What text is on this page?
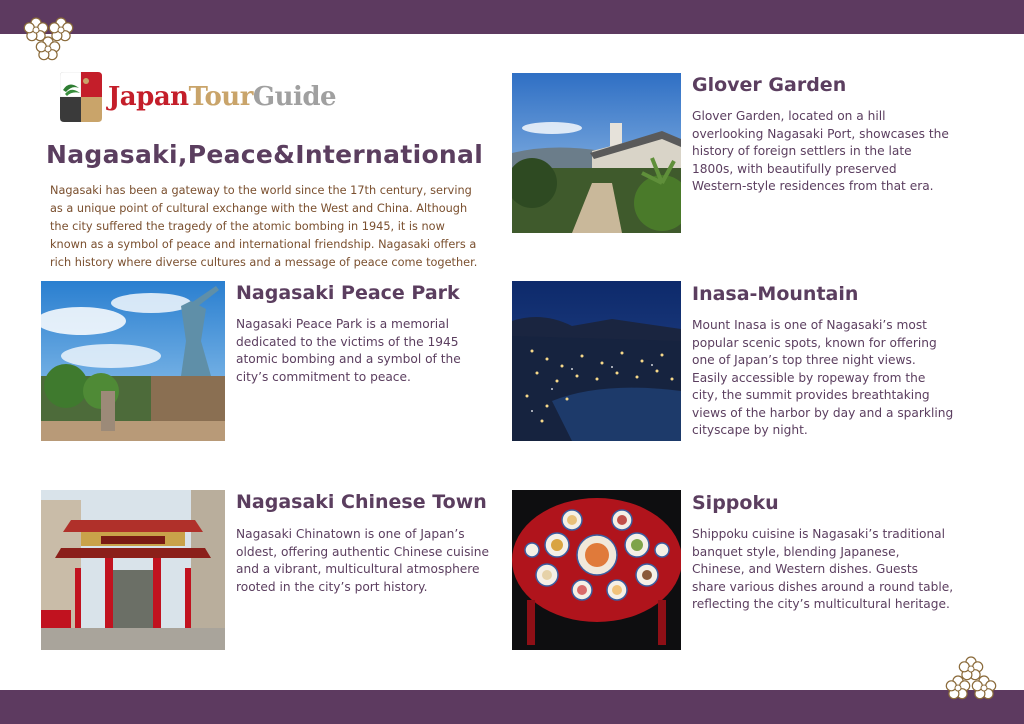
JapanTourGuide
Nagasaki,Peace&International
Nagasaki has been a gateway to the world since the 17th century, serving as a unique point of cultural exchange with the West and China. Although the city suffered the tragedy of the atomic bombing in 1945, it is now known as a symbol of peace and international friendship. Nagasaki offers a rich history where diverse cultures and a message of peace come together.
Nagasaki Peace Park
Nagasaki Peace Park is a memorial dedicated to the victims of the 1945 atomic bombing and a symbol of the city’s commitment to peace.
Nagasaki Chinese Town
Nagasaki Chinatown is one of Japan’s oldest, offering authentic Chinese cuisine and a vibrant, multicultural atmosphere rooted in the city’s port history.
Glover Garden
Glover Garden, located on a hill overlooking Nagasaki Port, showcases the history of foreign settlers in the late 1800s, with beautifully preserved Western-style residences from that era.
Inasa-Mountain
Mount Inasa is one of Nagasaki’s most popular scenic spots, known for offering one of Japan’s top three night views. Easily accessible by ropeway from the city, the summit provides breathtaking views of the harbor by day and a sparkling cityscape by night.
Sippoku
Shippoku cuisine is Nagasaki’s traditional banquet style, blending Japanese, Chinese, and Western dishes. Guests share various dishes around a round table, reflecting the city’s multicultural heritage.
